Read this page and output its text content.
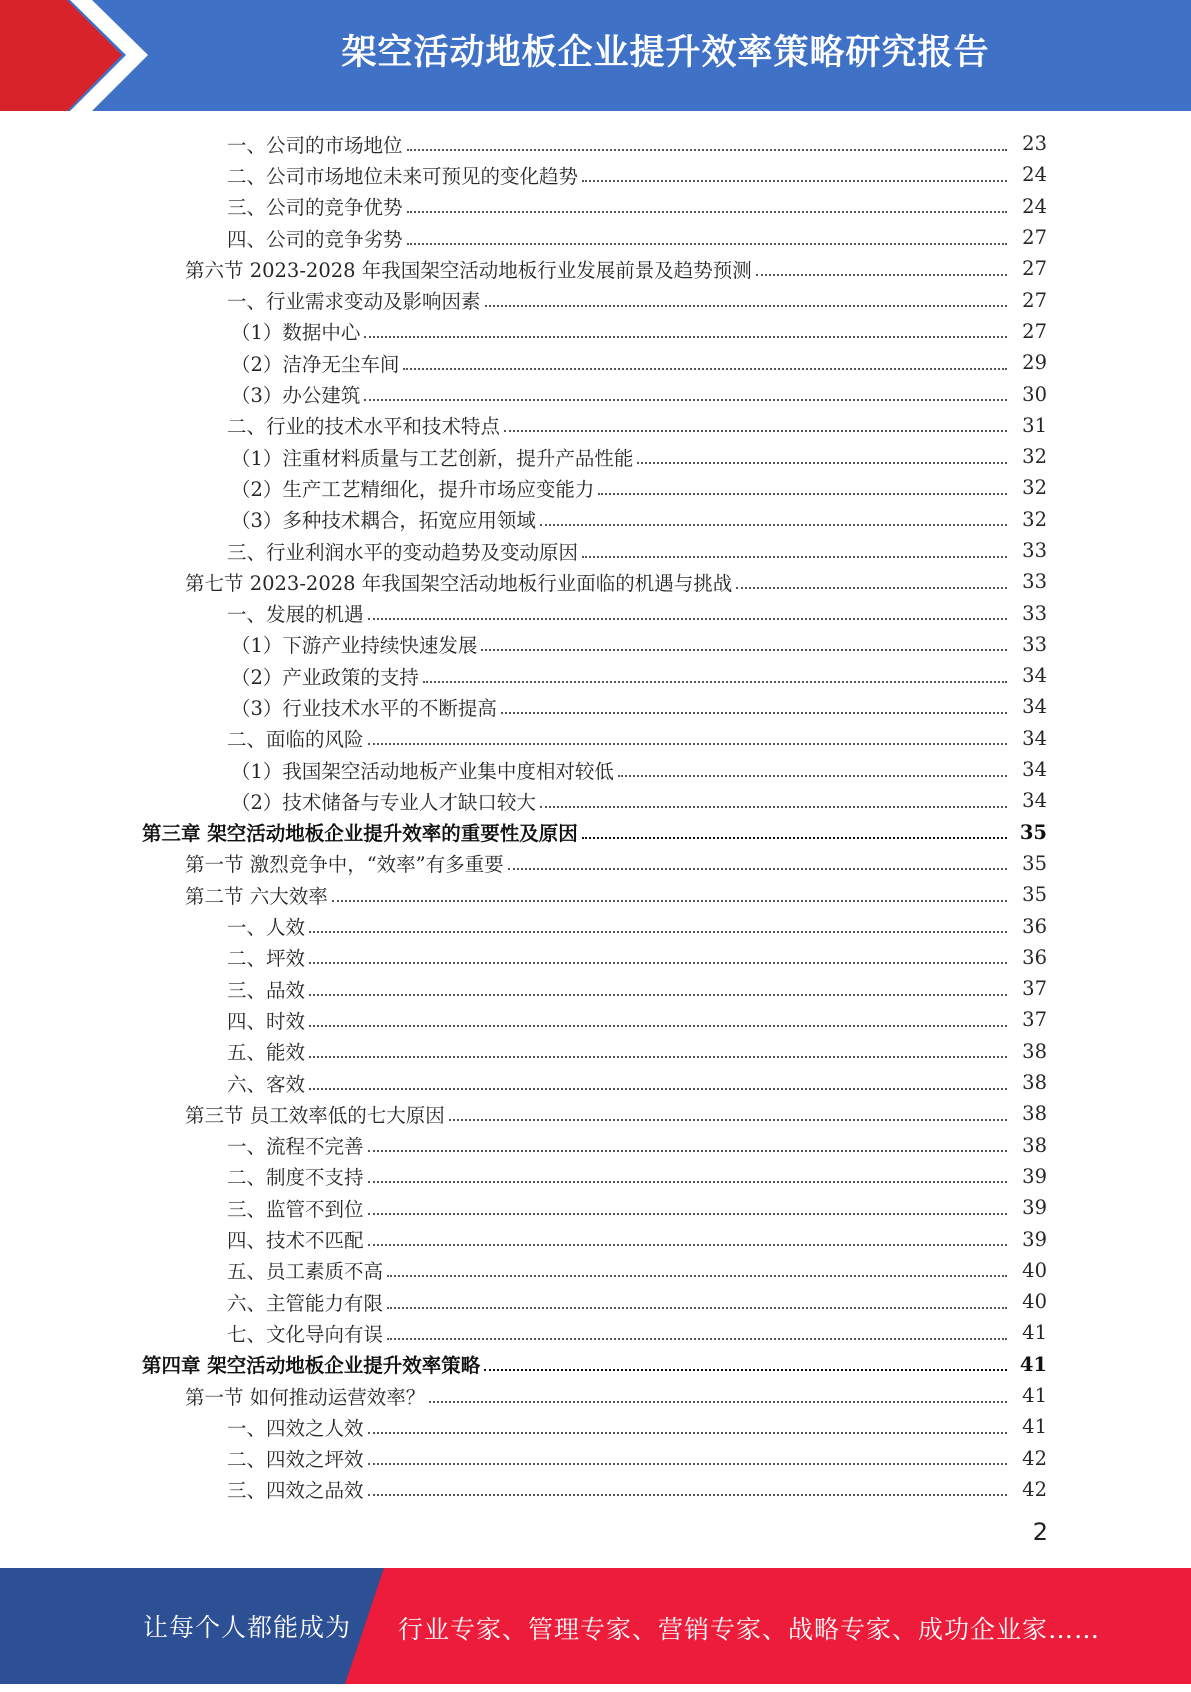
架空活动地板企业提升效率策略研究报告
一、公司的市场地位	23
二、公司市场地位未来可预见的变化趋势	24
三、公司的竞争优势	24
四、公司的竞争劣势	27
第六节 2023-2028 年我国架空活动地板行业发展前景及趋势预测	27
一、行业需求变动及影响因素	27
（1）数据中心	27
（2）洁净无尘车间	29
（3）办公建筑	30
二、行业的技术水平和技术特点	31
（1）注重材料质量与工艺创新，提升产品性能	32
（2）生产工艺精细化，提升市场应变能力	32
（3）多种技术耦合，拓宽应用领域	32
三、行业利润水平的变动趋势及变动原因	33
第七节 2023-2028 年我国架空活动地板行业面临的机遇与挑战	33
一、发展的机遇	33
（1）下游产业持续快速发展	33
（2）产业政策的支持	34
（3）行业技术水平的不断提高	34
二、面临的风险	34
（1）我国架空活动地板产业集中度相对较低	34
（2）技术储备与专业人才缺口较大	34
第三章 架空活动地板企业提升效率的重要性及原因	35
第一节 激烈竞争中，“效率”有多重要	35
第二节 六大效率	35
一、人效	36
二、坪效	36
三、品效	37
四、时效	37
五、能效	38
六、客效	38
第三节 员工效率低的七大原因	38
一、流程不完善	38
二、制度不支持	39
三、监管不到位	39
四、技术不匹配	39
五、员工素质不高	40
六、主管能力有限	40
七、文化导向有误	41
第四章 架空活动地板企业提升效率策略	41
第一节 如何推动运营效率？	41
一、四效之人效	41
二、四效之坪效	42
三、四效之品效	42
2
让每个人都能成为 行业专家、管理专家、营销专家、战略专家、成功企业家……
